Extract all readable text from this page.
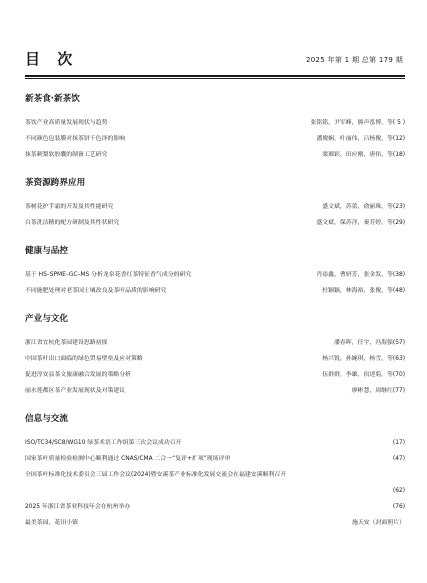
目 次	2025 年第 1 期 总第 179 期
新茶食·新茶饮
茶饮产业高质量发展现状与趋势	张铭铭，尹军峰，熊声泓博，等( 5 )
不同颜色包装膜对抹茶饼干色泽的影响	潘俊娴，叶丽伟，吕杨俊，等(12)
抹茶刺梨软胶囊的制备工艺研究	梁璀彩，田应刚，唐伟，等(18)
茶资源跨界应用
茶树花护手霜的开发及其性能研究	盛文斌，苏蕾，俞丽珠，等(23)
白茶洗洁精的配方研制及其性状研究	盛文斌，保苏洋，秦芳婷，等(29)
健康与品控
基于 HS–SPME–GC–MS 分析龙泉花香红茶特征香气成分的研究	肖添鑫，曹妍芳，张金发，等(38)
不同施肥处理对老茶园土壤改良及茶叶品质的影响研究	杜颖颖，林海裕，张俊，等(48)
产业与文化
浙江省宜杭化茶园建设思路初探	潘春晖，任宇，冯海强(57)
中国茶叶出口面临的绿色贸易壁垒及应对策略	杨兴锐，孙婉琪，杨雪，等(63)
促进淳安县茶文旅康融合发展的策略分析	伍群群，李雄，宿述菊，等(70)
丽水莲都区茶产业发展现状及对策建议	廖彬慧，周继红(77)
信息与交流
ISO/TC34/SC8/WG10 绿茶术语工作组第三次会议成功召开	(17)
国家茶叶质量检验检测中心顺利通过 CNAS/CMA 二合一“复评+扩项”现场评审	(47)
全国茶叶标准化技术委员会三届工作会议(2024)暨安溪茶产业标准化发展交流会在福建安溪顺利召开
(62)
2025 年浙江省茶业科技年会在杭州举办	(76)
最美茶园，花田小镇	施天安（封面照片）
